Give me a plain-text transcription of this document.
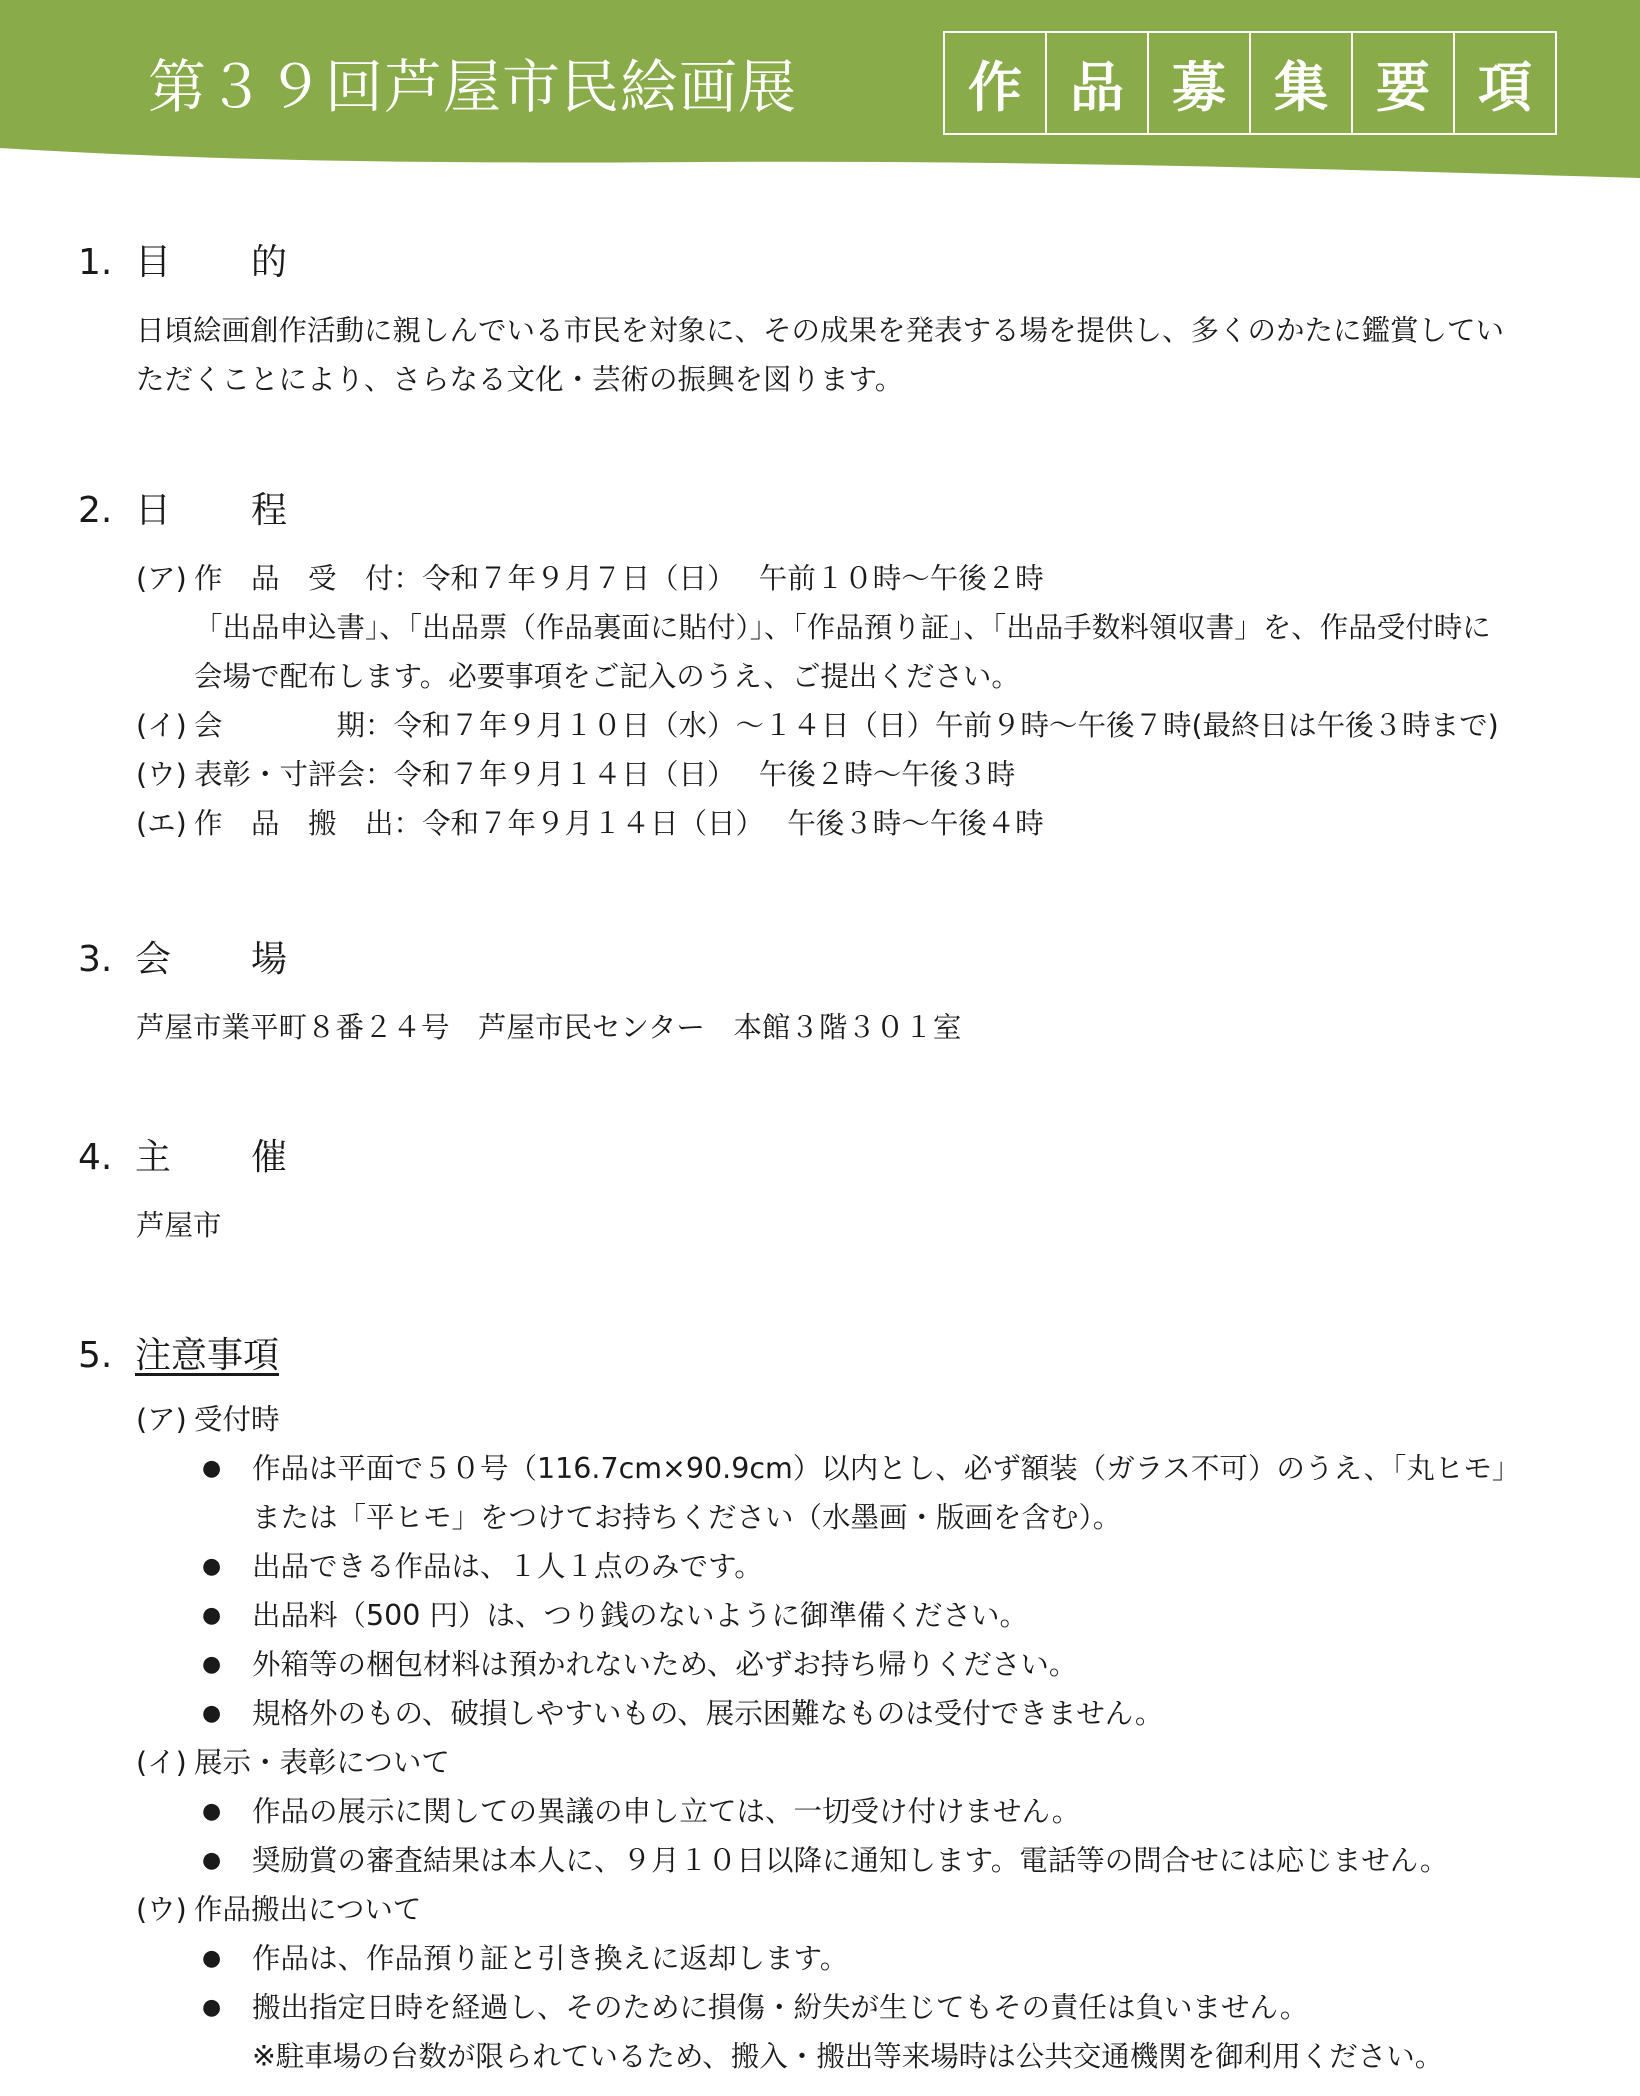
第３９回芦屋市民絵画展	作 品 募 集 要 項
1. 目 的
日頃絵画創作活動に親しんでいる市民を対象に、その成果を発表する場を提供し、多くのかたに鑑賞してい
ただくことにより、さらなる文化・芸術の振興を図ります。
2. 日 程
(ア) 作　品　受　付：令和７年９月７日（日）　 午前１０時～午後２時
「出品申込書」、「出品票（作品裏面に貼付）」、「作品預り証」、「出品手数料領収書」を、作品受付時に
会場で配布します。必要事項をご記入のうえ、ご提出ください。
(イ) 会　　　　期：令和７年９月１０日（水）～１４日（日）午前９時～午後７時(最終日は午後３時まで)
(ウ) 表彰・寸評会：令和７年９月１４日（日）　 午後２時～午後３時
(エ) 作　品　搬　出：令和７年９月１４日（日）　 午後３時～午後４時
3. 会 場
芦屋市業平町８番２４号　芦屋市民センター　本館３階３０１室
4. 主 催
芦屋市
5. 注意事項
(ア) 受付時
●	作品は平面で５０号（116.7cm×90.9cm）以内とし、必ず額装（ガラス不可）のうえ、「丸ヒモ」
または「平ヒモ」をつけてお持ちください（水墨画・版画を含む）。
●	出品できる作品は、１人１点のみです。
●	出品料（500 円）は、つり銭のないように御準備ください。
●	外箱等の梱包材料は預かれないため、必ずお持ち帰りください。
●	規格外のもの、破損しやすいもの、展示困難なものは受付できません。
(イ) 展示・表彰について
●	作品の展示に関しての異議の申し立ては、一切受け付けません。
●	奨励賞の審査結果は本人に、９月１０日以降に通知します。電話等の問合せには応じません。
(ウ) 作品搬出について
●	作品は、作品預り証と引き換えに返却します。
●	搬出指定日時を経過し、そのために損傷・紛失が生じてもその責任は負いません。
※駐車場の台数が限られているため、搬入・搬出等来場時は公共交通機関を御利用ください。
